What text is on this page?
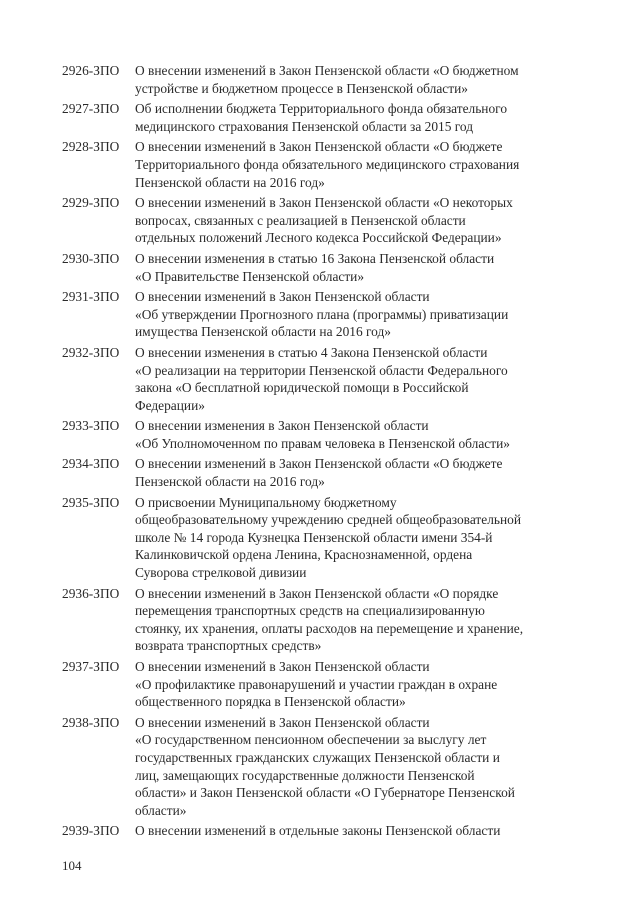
2926-ЗПО	О внесении изменений в Закон Пензенской области «О бюджетном
устройстве и бюджетном процессе в Пензенской области»
2927-ЗПО	Об исполнении бюджета Территориального фонда обязательного
медицинского страхования Пензенской области за 2015 год
2928-ЗПО	О внесении изменений в Закон Пензенской области «О бюджете
Территориального фонда обязательного медицинского страхования
Пензенской области на 2016 год»
2929-ЗПО	О внесении изменений в Закон Пензенской области «О некоторых
вопросах, связанных с реализацией в Пензенской области
отдельных положений Лесного кодекса Российской Федерации»
2930-ЗПО	О внесении изменения в статью 16 Закона Пензенской области
«О Правительстве Пензенской области»
2931-ЗПО	О внесении изменений в Закон Пензенской области
«Об утверждении Прогнозного плана (программы) приватизации
имущества Пензенской области на 2016 год»
2932-ЗПО	О внесении изменения в статью 4 Закона Пензенской области
«О реализации на территории Пензенской области Федерального
закона «О бесплатной юридической помощи в Российской
Федерации»
2933-ЗПО	О внесении изменения в Закон Пензенской области
«Об Уполномоченном по правам человека в Пензенской области»
2934-ЗПО	О внесении изменений в Закон Пензенской области «О бюджете
Пензенской области на 2016 год»
2935-ЗПО	О присвоении Муниципальному бюджетному
общеобразовательному учреждению средней общеобразовательной
школе № 14 города Кузнецка Пензенской области имени 354-й
Калинковичской ордена Ленина, Краснознаменной, ордена
Суворова стрелковой дивизии
2936-ЗПО	О внесении изменений в Закон Пензенской области «О порядке
перемещения транспортных средств на специализированную
стоянку, их хранения, оплаты расходов на перемещение и хранение,
возврата транспортных средств»
2937-ЗПО	О внесении изменений в Закон Пензенской области
«О профилактике правонарушений и участии граждан в охране
общественного порядка в Пензенской области»
2938-ЗПО	О внесении изменений в Закон Пензенской области
«О государственном пенсионном обеспечении за выслугу лет
государственных гражданских служащих Пензенской области и
лиц, замещающих государственные должности Пензенской
области» и Закон Пензенской области «О Губернаторе Пензенской
области»
2939-ЗПО	О внесении изменений в отдельные законы Пензенской области
104
